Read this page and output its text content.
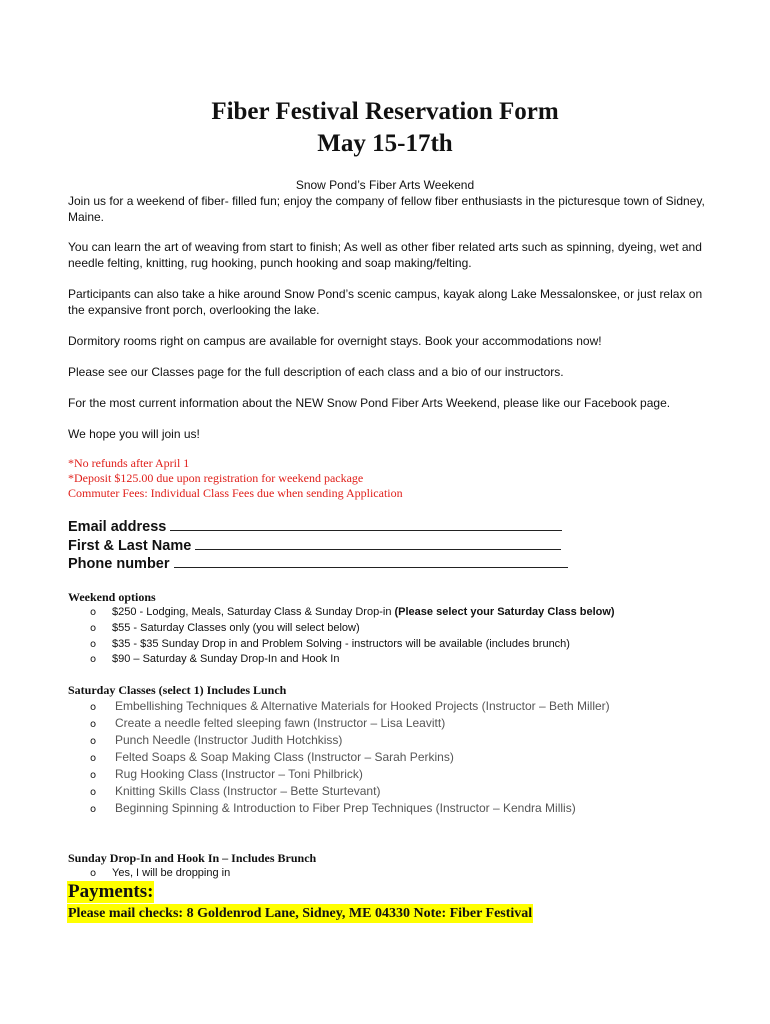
Fiber Festival Reservation Form
May 15-17th
Snow Pond’s Fiber Arts Weekend
Join us for a weekend of fiber- filled fun; enjoy the company of fellow fiber enthusiasts in the picturesque town of Sidney, Maine.
You can learn the art of weaving from start to finish; As well as other fiber related arts such as spinning, dyeing, wet and needle felting, knitting, rug hooking, punch hooking and soap making/felting.
Participants can also take a hike around Snow Pond’s scenic campus, kayak along Lake Messalonskee, or just relax on the expansive front porch, overlooking the lake.
Dormitory rooms right on campus are available for overnight stays. Book your accommodations now!
Please see our Classes page for the full description of each class and a bio of our instructors.
For the most current information about the NEW Snow Pond Fiber Arts Weekend, please like our Facebook page.
We hope you will join us!
*No refunds after April 1
*Deposit $125.00 due upon registration for weekend package
Commuter Fees: Individual Class Fees due when sending Application
Email address
First & Last Name
Phone number
Weekend options
o $250 - Lodging, Meals, Saturday Class & Sunday Drop-in (Please select your Saturday Class below)
o $55 - Saturday Classes only (you will select below)
o $35 - $35 Sunday Drop in and Problem Solving - instructors will be available (includes brunch)
o $90 – Saturday & Sunday Drop-In and Hook In
Saturday Classes (select 1) Includes Lunch
o Embellishing Techniques & Alternative Materials for Hooked Projects (Instructor – Beth Miller)
o Create a needle felted sleeping fawn (Instructor – Lisa Leavitt)
o Punch Needle (Instructor Judith Hotchkiss)
o Felted Soaps & Soap Making Class (Instructor – Sarah Perkins)
o Rug Hooking Class (Instructor – Toni Philbrick)
o Knitting Skills Class (Instructor – Bette Sturtevant)
o Beginning Spinning & Introduction to Fiber Prep Techniques (Instructor – Kendra Millis)
Sunday Drop-In and Hook In – Includes Brunch
o Yes, I will be dropping in
Payments:
Please mail checks: 8 Goldenrod Lane, Sidney, ME 04330 Note: Fiber Festival
